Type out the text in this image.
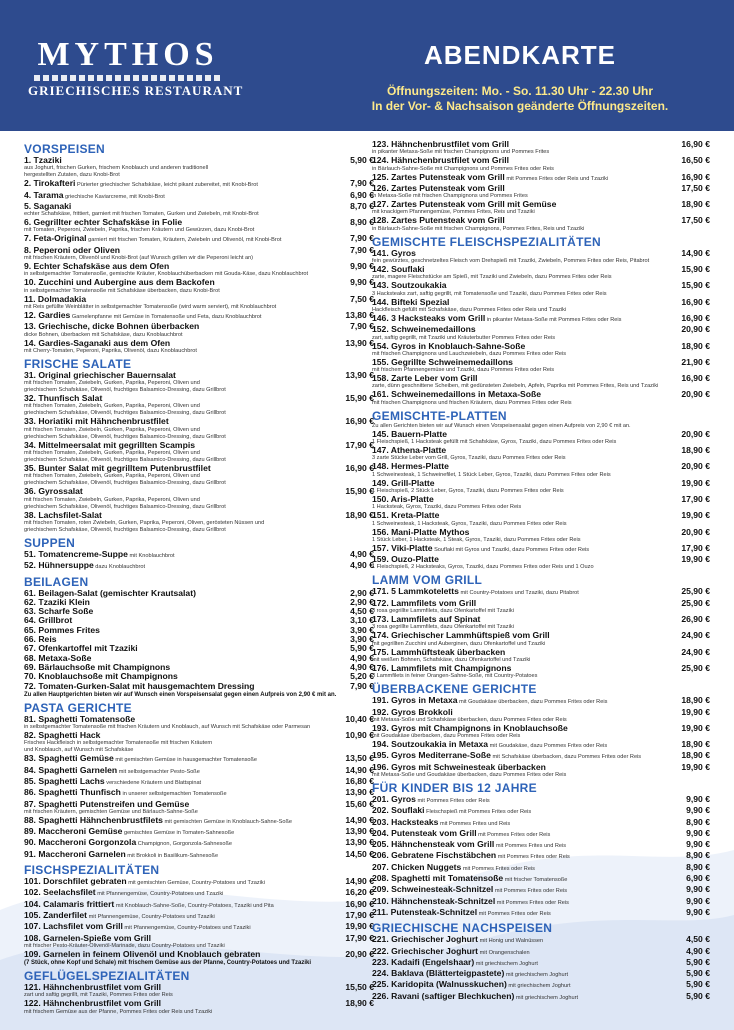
MYTHOS
GRIECHISCHES RESTAURANT
ABENDKARTE
Öffnungszeiten: Mo. - So. 11.30 Uhr - 22.30 Uhr
In der Vor- & Nachsaison geänderte Öffnungszeiten.
VORSPEISEN
1. Tzaziki	5,90 €
aus Joghurt, frischen Gurken, frischem Knoblauch und anderen traditionell
hergestellten Zutaten, dazu Knobi-Brot
2. Tirokafteri Pürierter griechischer Schafskäse, leicht pikant zubereitet, mit Knobi-Brot	7,90 €
4. Tarama griechische Kaviarcreme, mit Knobi-Brot	6,90 €
5. Saganaki	8,70 €
echter Schafskäse, frittiert, garniert mit frischen Tomaten, Gurken und Zwiebeln, mit Knobi-Brot
6. Gegrillter echter Schafskäse in Folie	8,90 €
mit Tomaten, Peperoni, Zwiebeln, Paprika, frischen Kräutern und Gewürzen, dazu Knobi-Brot
7. Feta-Original garniert mit frischen Tomaten, Kräutern, Zwiebeln und Olivenöl, mit Knobi-Brot	7,90 €
8. Peperoni oder Oliven	7,90 €
mit frischen Kräutern, Olivenöl und Knobi-Brot (auf Wunsch grillen wir die Peperoni leicht an)
9. Echter Schafskäse aus dem Ofen	9,90 €
in selbstgemachter Tomatensoße, gemischte Kräuter, Knoblauchüberbacken mit Gouda-Käse, dazu Knoblauchbrot
10. Zucchini und Aubergine aus dem Backofen	9,90 €
in selbstgemachter Tomatensoße mit Schafskäse überbacken, dazu Knobi-Brot
11. Dolmadakia	7,50 €
mit Reis gefüllte Weinblätter in selbstgemachter Tomatensoße (wird warm serviert), mit Knoblauchbrot
12. Gardies Garnelenpfanne mit Gemüse in Tomatensoße und Feta, dazu Knoblauchbrot	13,80 €
13. Griechische, dicke Bohnen überbacken	7,90 €
dicke Bohnen, überbacken mit Schafskäse, dazu Knoblauchbrot
14. Gardies-Saganaki aus dem Ofen	13,90 €
mit Cherry-Tomaten, Peperoni, Paprika, Olivenöl, dazu Knoblauchbrot
FRISCHE SALATE
31. Original griechischer Bauernsalat	13,90 €
mit frischen Tomaten, Zwiebeln, Gurken, Paprika, Peperoni, Oliven und
griechischem Schafskäse, Olivenöl, fruchtiges Balsamico-Dressing, dazu Grillbrot
32. Thunfisch Salat	15,90 €
mit frischen Tomaten, Zwiebeln, Gurken, Paprika, Peperoni, Oliven und
griechischem Schafskäse, Olivenöl, fruchtiges Balsamico-Dressing, dazu Grillbrot
33. Horiatiki mit Hähnchenbrustfilet	16,90 €
mit frischen Tomaten, Zwiebeln, Gurken, Paprika, Peperoni, Oliven und
griechischem Schafskäse, Olivenöl, fruchtiges Balsamico-Dressing, dazu Grillbrot
34. Mittelmeersalat mit gegrillten Scampis	17,90 €
mit frischen Tomaten, Zwiebeln, Gurken, Paprika, Peperoni, Oliven und
griechischem Schafskäse, Olivenöl, fruchtiges Balsamico-Dressing, dazu Grillbrot
35. Bunter Salat mit gegrilltem Putenbrustfilet	16,90 €
mit frischen Tomaten, Zwiebeln, Gurken, Paprika, Peperoni, Oliven und
griechischem Schafskäse, Olivenöl, fruchtiges Balsamico-Dressing, dazu Grillbrot
36. Gyrossalat	15,90 €
mit frischen Tomaten, Zwiebeln, Gurken, Paprika, Peperoni, Oliven und
griechischem Schafskäse, Olivenöl, fruchtiges Balsamico-Dressing, dazu Grillbrot
38. Lachsfilet-Salat	18,90 €
mit frischen Tomaten, roten Zwiebeln, Gurken, Paprika, Peperoni, Oliven, gerösteten Nüssen und
griechischem Schafskäse, Olivenöl, fruchtiges Balsamico-Dressing, dazu Grillbrot
SUPPEN
51. Tomatencreme-Suppe mit Knoblauchbrot	4,90 €
52. Hühnersuppe dazu Knoblauchbrot	4,90 €
BEILAGEN
61. Beilagen-Salat (gemischter Krautsalat)	2,90 €
62. Tzaziki Klein	2,90 €
63. Scharfe Soße	4,50 €
64. Grillbrot	3,10 €
65. Pommes Frites	3,90 €
66. Reis	3,90 €
67. Ofenkartoffel mit Tzaziki	5,90 €
68. Metaxa-Soße	4,90 €
69. Bärlauchsoße mit Champignons	4,90 €
70. Knoblauchsoße mit Champignons	5,20 €
72. Tomaten-Gurken-Salat mit hausgemachtem Dressing	7,90 €
Zu allen Hauptgerichten bieten wir auf Wunsch einen Vorspeisensalat gegen einen Aufpreis von 2,90 € mit an.
PASTA GERICHTE
81. Spaghetti Tomatensoße	10,40 €
in selbstgemachter Tomatensoße mit frischen Kräutern und Knoblauch, auf Wunsch mit Schafskäse oder Parmesan
82. Spaghetti Hack	10,90 €
Frisches Hackfleisch in selbstgemachter Tomatensoße mit frischen Kräutern
und Knoblauch, auf Wunsch mit Schafskäse
83. Spaghetti Gemüse mit gemischten Gemüse in hausgemachter Tomatensoße	13,50 €
84. Spaghetti Garnelen mit selbstgemachter Pesto-Soße	14,90 €
85. Spaghetti Lachs verschiedene Kräutern und Blattspinat	16,80 €
86. Spaghetti Thunfisch in unserer selbstgemachten Tomatensoße	13,90 €
87. Spaghetti Putenstreifen und Gemüse	15,60 €
mit frischen Kräutern, gemischten Gemüse und Bärlauch-Sahne-Soße
88. Spaghetti Hähnchenbrustfilets mit gemischten Gemüse in Knoblauch-Sahne-Soße	14,90 €
89. Maccheroni Gemüse gemischtes Gemüse in Tomaten-Sahnesoße	13,90 €
90. Maccheroni Gorgonzola Champignon, Gorgonzola-Sahnesoße	13,90 €
91. Maccheroni Garnelen mit Brokkoli in Basilikum-Sahnesoße	14,50 €
FISCHSPEZIALITÄTEN
101. Dorschfilet gebraten mit gemischten Gemüse, Country-Potatoes und Tzaziki	14,90 €
102. Seelachsfilet mit Pfannengemüse, Country-Potatoes und Tzaziki	16,20 €
104. Calamaris frittiert mit Knoblauch-Sahne-Soße, Country-Potatoes, Tzaziki und Pita	16,90 €
105. Zanderfilet mit Pfannengemüse, Country-Potatoes und Tzaziki	17,90 €
107. Lachsfilet vom Grill mit Pfannengemüse, Country-Potatoes und Tzaziki	19,90 €
108. Garnelen-Spieße vom Grill	17,90 €
mit frischer Pesto-Kräuter-Olivenöl-Marinade, dazu Country-Potatoes und Tzaziki
109. Garnelen in feinem Olivenöl und Knoblauch gebraten	20,90 €
(7 Stück, ohne Kopf und Schale) mit frischem Gemüse aus der Pfanne, Country-Potatoes und Tzaziki
GEFLÜGELSPEZIALITÄTEN
121. Hähnchenbrustfilet vom Grill	15,50 €
zart und saftig gegrillt, mit Tzaziki, Pommes Frites oder Reis
122. Hähnchenbrustfilet vom Grill	18,90 €
mit frischem Gemüse aus der Pfanne, Pommes Frites oder Reis und Tzaziki
123. Hähnchenbrustfilet vom Grill	16,90 €
in pikanter Metaxa-Soße mit frischen Champignons und Pommes Frites
124. Hähnchenbrustfilet vom Grill	16,50 €
in Bärlauch-Sahne-Soße mit Champignons und Pommes Frites oder Reis
125. Zartes Putensteak vom Grill mit Pommes Frites oder Reis und Tzaziki	16,90 €
126. Zartes Putensteak vom Grill	17,50 €
in Metaxa-Soße mit frischen Champignons und Pommes Frites
127. Zartes Putensteak vom Grill mit Gemüse	18,90 €
mit knackigem Pfannengemüse, Pommes Frites, Reis und Tzaziki
128. Zartes Putensteak vom Grill	17,50 €
in Bärlauch-Sahne-Soße mit frischen Champignons, Pommes Frites, Reis und Tzaziki
GEMISCHTE FLEISCHSPEZIALITÄTEN
141. Gyros	14,90 €
fein gewürztes, geschnetzeltes Fleisch vom Drehspieß mit Tzaziki, Zwiebeln, Pommes Frites oder Reis, Pitabrot
142. Souflaki	15,90 €
zarte, magere Fleischstücke am Spieß, mit Tzaziki und Zwiebeln, dazu Pommes Frites oder Reis
143. Soutzoukakia	15,90 €
3 Hacksteaks zart, saftig gegrillt, mit Tomatensoße und Tzaziki, dazu Pommes Frites oder Reis
144. Bifteki Spezial	16,90 €
Hackfleisch gefüllt mit Schafskäse, dazu Pommes Frites oder Reis und Tzaziki
146. 3 Hacksteaks vom Grill in pikanter Metaxa-Soße mit Pommes Frites oder Reis	16,90 €
152. Schweinemedaillons	20,90 €
zart, saftig gegrillt, mit Tzaziki und Kräuterbutter Pommes Frites oder Reis
154. Gyros in Knoblauch-Sahne-Soße	18,90 €
mit frischen Champignons und Lauchzwiebeln, dazu Pommes Frites oder Reis
155. Gegrillte Schweinemedaillons	21,90 €
mit frischem Pfannengemüse und Tzaziki, dazu Pommes Frites oder Reis
158. Zarte Leber vom Grill	16,90 €
zarte, dünn geschnittene Scheiben, mit gedünsteten Zwiebeln, Äpfeln, Paprika mit Pommes Frites, Reis und Tzaziki
161. Schweinemedaillons in Metaxa-Soße	20,90 €
mit frischen Champignons und frischen Kräutern, dazu Pommes Frites oder Reis
GEMISCHTE-PLATTEN
Zu allen Gerichten bieten wir auf Wunsch einen Vorspeisensalat gegen einen Aufpreis von 2,90 € mit an.
145. Bauern-Platte	20,90 €
1 Fleischspieß, 1 Hacksteak gefüllt mit Schafskäse, Gyros, Tzaziki, dazu Pommes Frites oder Reis
147. Athena-Platte	18,90 €
3 zarte Stücke Leber vom Grill, Gyros, Tzaziki, dazu Pommes Frites oder Reis
148. Hermes-Platte	20,90 €
1 Schweinesteak, 1 Schweinefilet, 1 Stück Leber, Gyros, Tzaziki, dazu Pommes Frites oder Reis
149. Grill-Platte	19,90 €
1 Fleischspieß, 2 Stück Leber, Gyros, Tzaziki, dazu Pommes Frites oder Reis
150. Aris-Platte	17,90 €
1 Hacksteak, Gyros, Tzaziki, dazu Pommes Frites oder Reis
151. Kreta-Platte	19,90 €
1 Schweinesteak, 1 Hacksteak, Gyros, Tzaziki, dazu Pommes Frites oder Reis
156. Mani-Platte Mythos	20,90 €
1 Stück Leber, 1 Hacksteak, 1 Steak, Gyros, Tzaziki, dazu Pommes Frites oder Reis
157. Viki-Platte Souflaki mit Gyros und Tzaziki, dazu Pommes Frites oder Reis	17,90 €
159. Ouzo-Platte	19,90 €
1 Fleischspieß, 2 Hacksteaks, Gyros, Tzaziki, dazu Pommes Frites oder Reis und 1 Ouzo
LAMM VOM GRILL
171. 5 Lammkoteletts mit Country-Potatoes und Tzaziki, dazu Pitabrot	25,90 €
172. Lammfilets vom Grill	25,90 €
3 rosa gegrillte Lammfilets, dazu Ofenkartoffel mit Tzaziki
173. Lammfilets auf Spinat	26,90 €
3 rosa gegrillte Lammfilets, dazu Ofenkartoffel mit Tzaziki
174. Griechischer Lammhüftspieß vom Grill	24,90 €
mit gegrillten Zucchini und Auberginen, dazu Ofenkartoffel und Tzaziki
175. Lammhüftsteak überbacken	24,90 €
mit weißen Bohnen, Schafskäse, dazu Ofenkartoffel und Tzaziki
176. Lammfilets mit Champignons	25,90 €
3 Lammfilets in feiner Orangen-Sahne-Soße, mit Country-Potatoes
ÜBERBACKENE GERICHTE
191. Gyros in Metaxa mit Goudakäse überbacken, dazu Pommes Frites oder Reis	18,90 €
192. Gyros Brokkoli	19,90 €
mit Metaxa-Soße und Schafskäse überbacken, dazu Pommes Frites oder Reis
193. Gyros mit Champignons in Knoblauchsoße	19,90 €
mit Goudakäse überbacken, dazu Pommes Frites oder Reis
194. Soutzoukakia in Metaxa mit Goudakäse, dazu Pommes Frites oder Reis	18,90 €
195. Gyros Mediterrane-Soße mit Schafskäse überbacken, dazu Pommes Frites oder Reis	18,90 €
196. Gyros mit Schweinesteak überbacken	19,90 €
mit Metaxa-Soße und Goudakäse überbacken, dazu Pommes Frites oder Reis
FÜR KINDER BIS 12 JAHRE
201. Gyros mit Pommes Frites oder Reis	9,90 €
202. Souflaki Fleischspieß mit Pommes Frites oder Reis	9,90 €
203. Hacksteaks mit Pommes Frites und Reis	8,90 €
204. Putensteak vom Grill mit Pommes Frites oder Reis	9,90 €
205. Hähnchensteak vom Grill mit Pommes Frites und Reis	9,90 €
206. Gebratene Fischstäbchen mit Pommes Frites oder Reis	8,90 €
207. Chicken Nuggets mit Pommes Frites oder Reis	8,90 €
208. Spaghetti mit Tomatensoße mit frischer Tomatensoße	6,90 €
209. Schweinesteak-Schnitzel mit Pommes Frites oder Reis	9,90 €
210. Hähnchensteak-Schnitzel mit Pommes Frites oder Reis	9,90 €
211. Putensteak-Schnitzel mit Pommes Frites oder Reis	9,90 €
GRIECHISCHE NACHSPEISEN
221. Griechischer Joghurt mit Honig und Walnüssen	4,50 €
222. Griechischer Joghurt mit Orangenschalen	4,90 €
223. Kadaifi (Engelshaar) mit griechischem Joghurt	5,90 €
224. Baklava (Blätterteigpastete) mit griechischem Joghurt	5,90 €
225. Karidopita (Walnusskuchen) mit griechischem Joghurt	5,90 €
226. Ravani (saftiger Blechkuchen) mit griechischem Joghurt	5,90 €
